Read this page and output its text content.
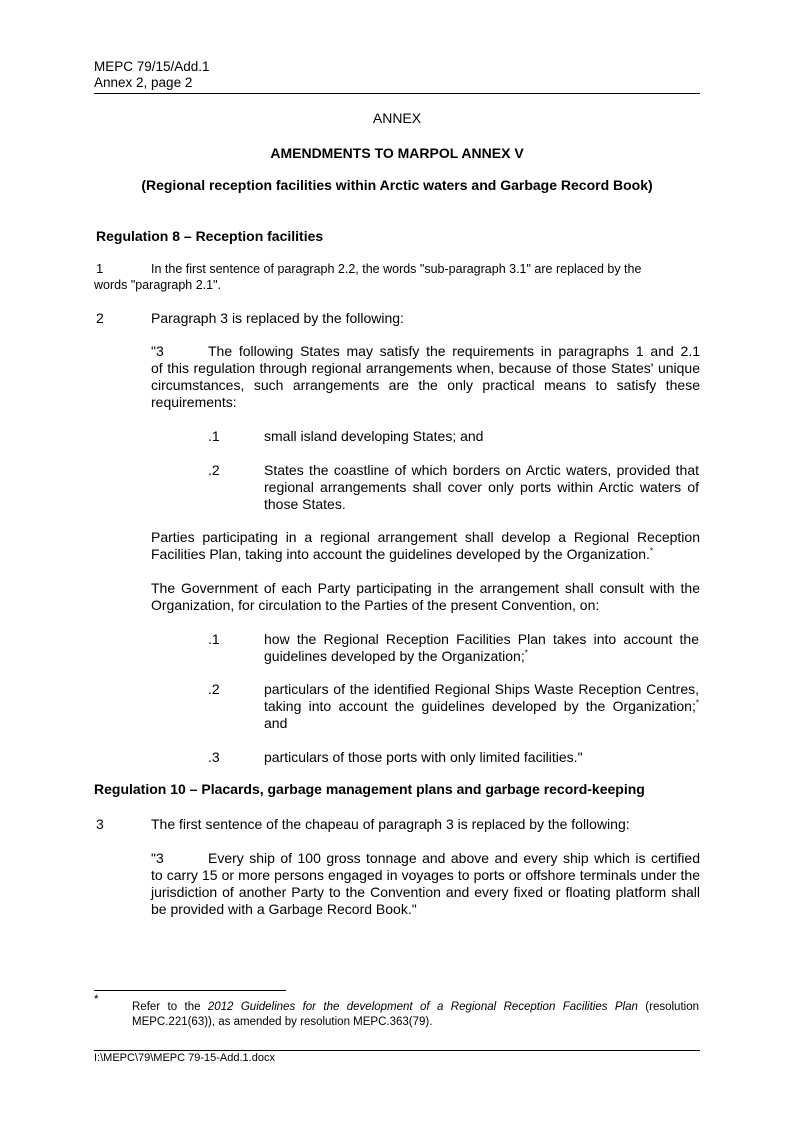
MEPC 79/15/Add.1
Annex 2, page 2
ANNEX
AMENDMENTS TO MARPOL ANNEX V
(Regional reception facilities within Arctic waters and Garbage Record Book)
Regulation 8 – Reception facilities
1	In the first sentence of paragraph 2.2, the words "sub-paragraph 3.1" are replaced by the
words "paragraph 2.1".
2	Paragraph 3 is replaced by the following:
"3	The following States may satisfy the requirements in paragraphs 1 and 2.1
of this regulation through regional arrangements when, because of those States' unique circumstances, such arrangements are the only practical means to satisfy these requirements:
.1	small island developing States; and
.2	States the coastline of which borders on Arctic waters, provided that regional arrangements shall cover only ports within Arctic waters of those States.
Parties participating in a regional arrangement shall develop a Regional Reception Facilities Plan, taking into account the guidelines developed by the Organization.*
The Government of each Party participating in the arrangement shall consult with the Organization, for circulation to the Parties of the present Convention, on:
.1	how the Regional Reception Facilities Plan takes into account the guidelines developed by the Organization;*
.2	particulars of the identified Regional Ships Waste Reception Centres, taking into account the guidelines developed by the Organization;* and
.3	particulars of those ports with only limited facilities."
Regulation 10 – Placards, garbage management plans and garbage record-keeping
3	The first sentence of the chapeau of paragraph 3 is replaced by the following:
"3	Every ship of 100 gross tonnage and above and every ship which is certified
to carry 15 or more persons engaged in voyages to ports or offshore terminals under the jurisdiction of another Party to the Convention and every fixed or floating platform shall be provided with a Garbage Record Book."
*
Refer to the 2012 Guidelines for the development of a Regional Reception Facilities Plan (resolution MEPC.221(63)), as amended by resolution MEPC.363(79).
I:\MEPC\79\MEPC 79-15-Add.1.docx
